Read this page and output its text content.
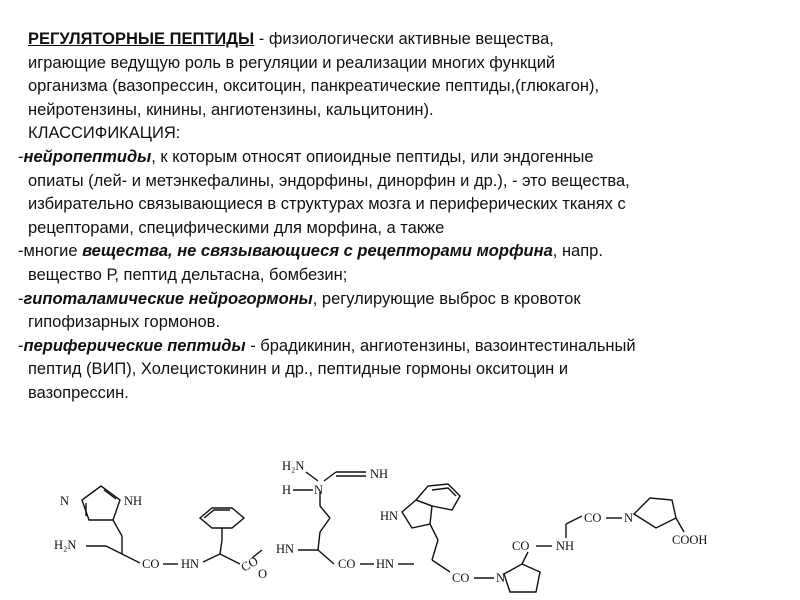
РЕГУЛЯТОРНЫЕ ПЕПТИДЫ - физиологически активные вещества,
играющие ведущую роль в регуляции и реализации многих функций
организма (вазопрессин, окситоцин, панкреатические пептиды,(глюкагон),
нейротензины, кинины, ангиотензины, кальцитонин).

КЛАССИФИКАЦИЯ:

-нейропептиды, к которым относят опиоидные пептиды, или эндогенные
опиаты (лей- и метэнкефалины, эндорфины, динорфин и др.), - это вещества,
избирательно связывающиеся в структурах мозга и периферических тканях с
рецепторами, специфическими для морфина, а также

-многие вещества, не связывающиеся с рецепторами морфина, напр.
вещество Р, пептид дельтасна, бомбезин;

-гипоталамические нейрогормоны, регулирующие выброс в кровоток
гипофизарных гормонов.

-периферические пептиды - брадикинин, ангиотензины, вазоинтестинальный
пептид (ВИП), Холецистокинин и др., пептидные гормоны окситоцин и
вазопрессин.

N	NH
H₂N
CO HN	CO
O
HN
H₂N
H N
NH
CO HN
HN
CO N
CO NH
CO N
COOH
